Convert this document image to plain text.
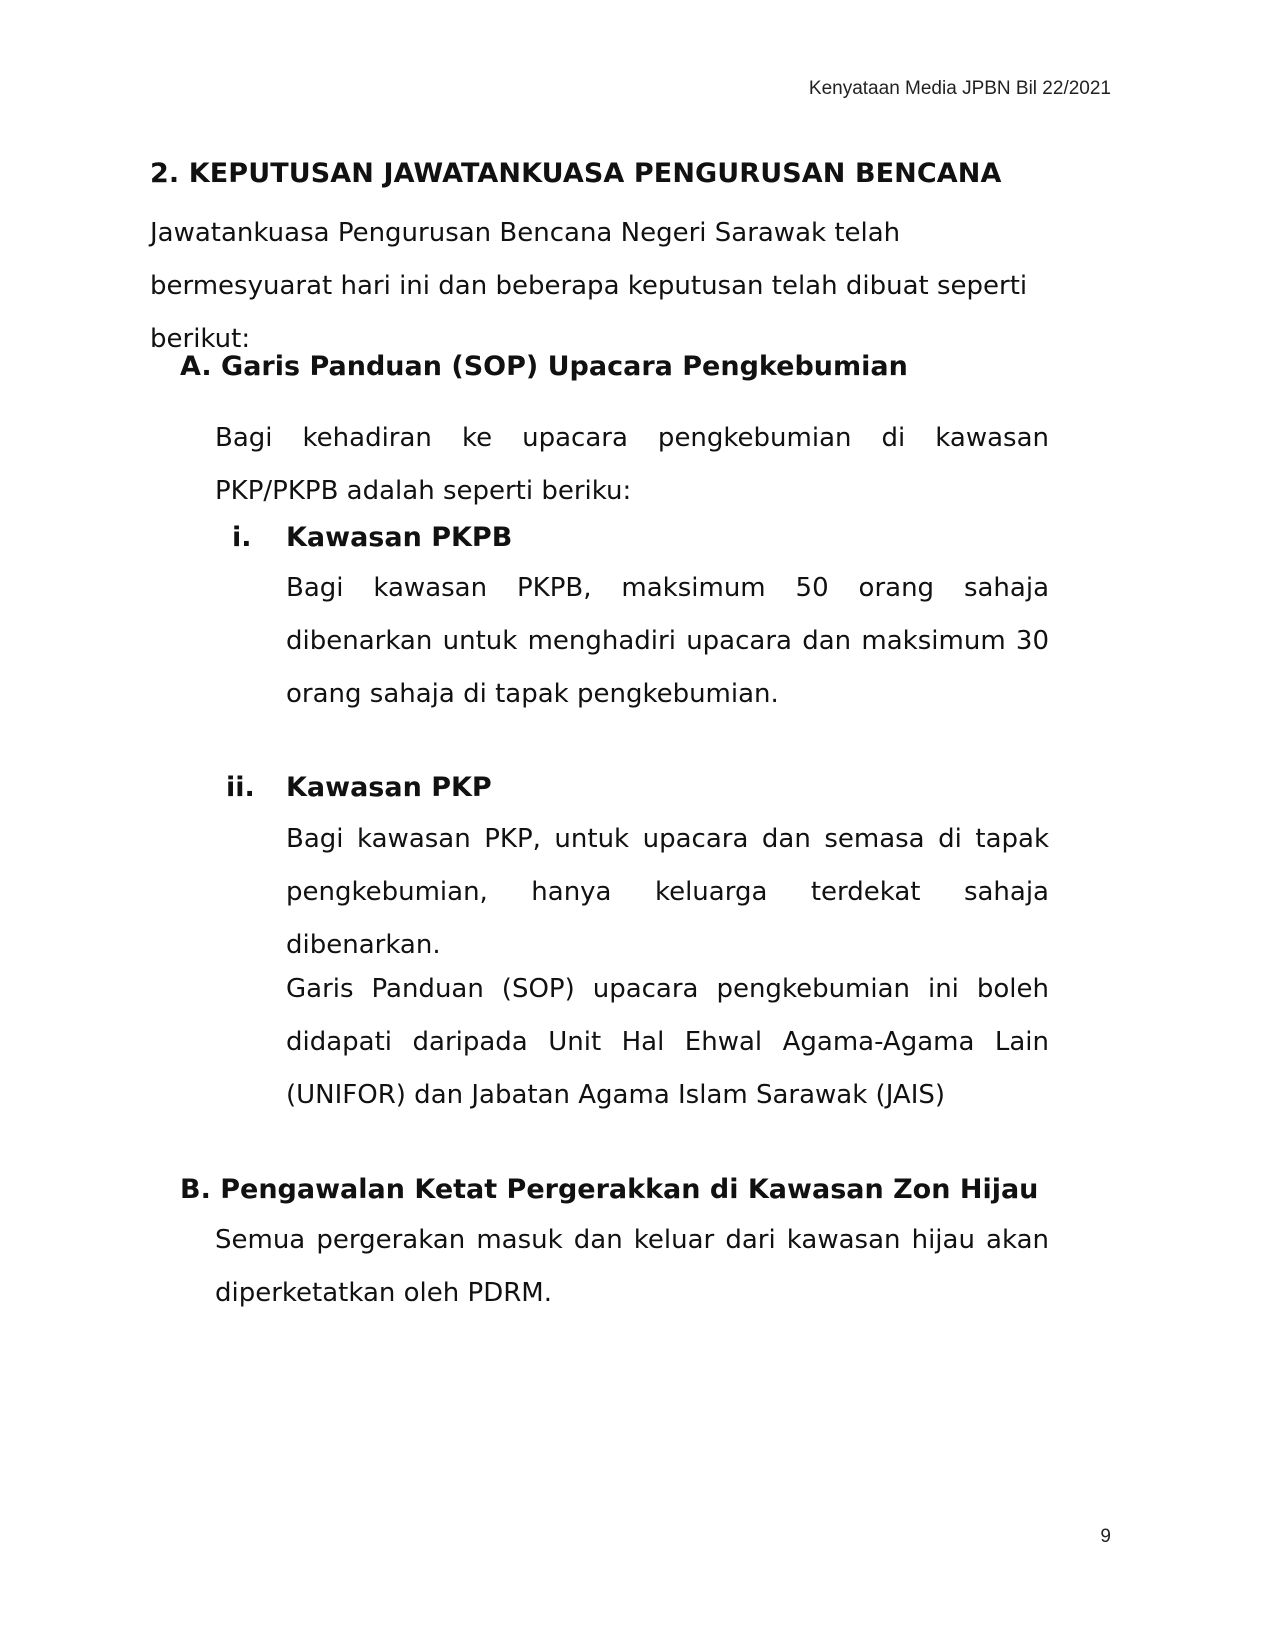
Kenyataan Media JPBN Bil 22/2021
2. KEPUTUSAN JAWATANKUASA PENGURUSAN BENCANA
Jawatankuasa Pengurusan Bencana Negeri Sarawak telah bermesyuarat hari ini dan beberapa keputusan telah dibuat seperti berikut:
A. Garis Panduan (SOP) Upacara Pengkebumian
Bagi kehadiran ke upacara pengkebumian di kawasan PKP/PKPB adalah seperti beriku:
i. Kawasan PKPB
Bagi kawasan PKPB, maksimum 50 orang sahaja dibenarkan untuk menghadiri upacara dan maksimum 30 orang sahaja di tapak pengkebumian.
ii. Kawasan PKP
Bagi kawasan PKP, untuk upacara dan semasa di tapak pengkebumian, hanya keluarga terdekat sahaja dibenarkan.
Garis Panduan (SOP) upacara pengkebumian ini boleh didapati daripada Unit Hal Ehwal Agama-Agama Lain (UNIFOR) dan Jabatan Agama Islam Sarawak (JAIS)
B. Pengawalan Ketat Pergerakkan di Kawasan Zon Hijau
Semua pergerakan masuk dan keluar dari kawasan hijau akan diperketatkan oleh PDRM.
9
